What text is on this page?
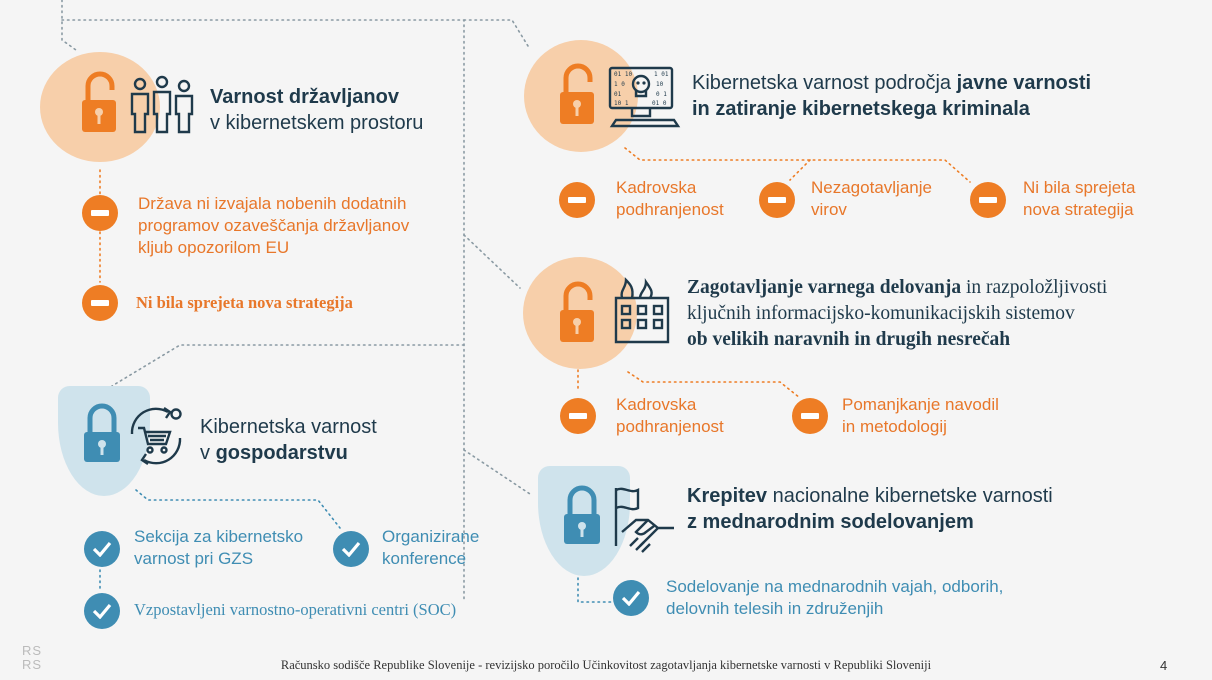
Varnost državljanov
v kibernetskem prostoru
Država ni izvajala nobenih dodatnih
programov ozaveščanja državljanov
kljub opozorilom EU
Ni bila sprejeta nova strategija
01 10	1 01
1 0	10
01	0 1
10 1	01 0
Kibernetska varnost področja javne varnosti
in zatiranje kibernetskega kriminala
Kadrovska
podhranjenost
Nezagotavljanje
virov
Ni bila sprejeta
nova strategija
Zagotavljanje varnega delovanja in razpoložljivosti
ključnih informacijsko-komunikacijskih sistemov
ob velikih naravnih in drugih nesrečah
Kadrovska
podhranjenost
Pomanjkanje navodil
in metodologij
Kibernetska varnost
v gospodarstvu
Sekcija za kibernetsko
varnost pri GZS
Organizirane
konference
Vzpostavljeni varnostno-operativni centri (SOC)
Krepitev nacionalne kibernetske varnosti
z mednarodnim sodelovanjem
Sodelovanje na mednarodnih vajah, odborih,
delovnih telesih in združenjih
RS
RS	Računsko sodišče Republike Slovenije - revizijsko poročilo Učinkovitost zagotavljanja kibernetske varnosti v Republiki Sloveniji	4
